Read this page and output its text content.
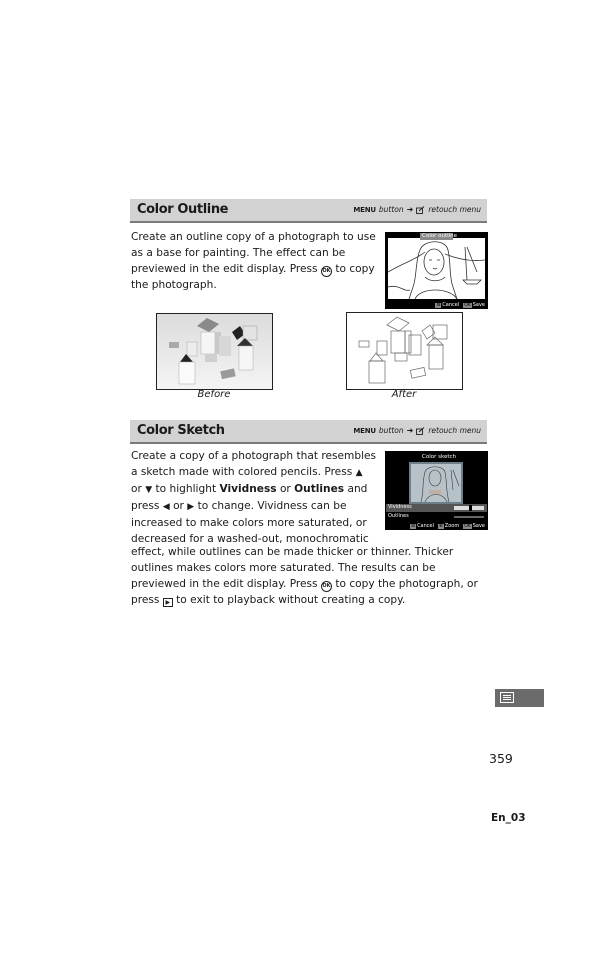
Color Outline	MENU button ➜ retouch menu
Create an outline copy of a photograph to use
as a base for painting. The effect can be
previewed in the edit display. Press OK to copy
the photograph.
Color outline
⊟ Cancel OK Save
Before	After
Color Sketch	MENU button ➜ retouch menu
Create a copy of a photograph that resembles
a sketch made with colored pencils. Press ▲
or ▼ to highlight Vividness or Outlines and
press ◀ or ▶ to change. Vividness can be
increased to make colors more saturated, or
decreased for a washed-out, monochromatic
effect, while outlines can be made thicker or thinner. Thicker
outlines makes colors more saturated. The results can be
previewed in the edit display. Press OK to copy the photograph, or
press ▶ to exit to playback without creating a copy.
Color sketch
Vividness
Outlines
⊟ Cancel ⊕ Zoom OK Save
359
En_03
